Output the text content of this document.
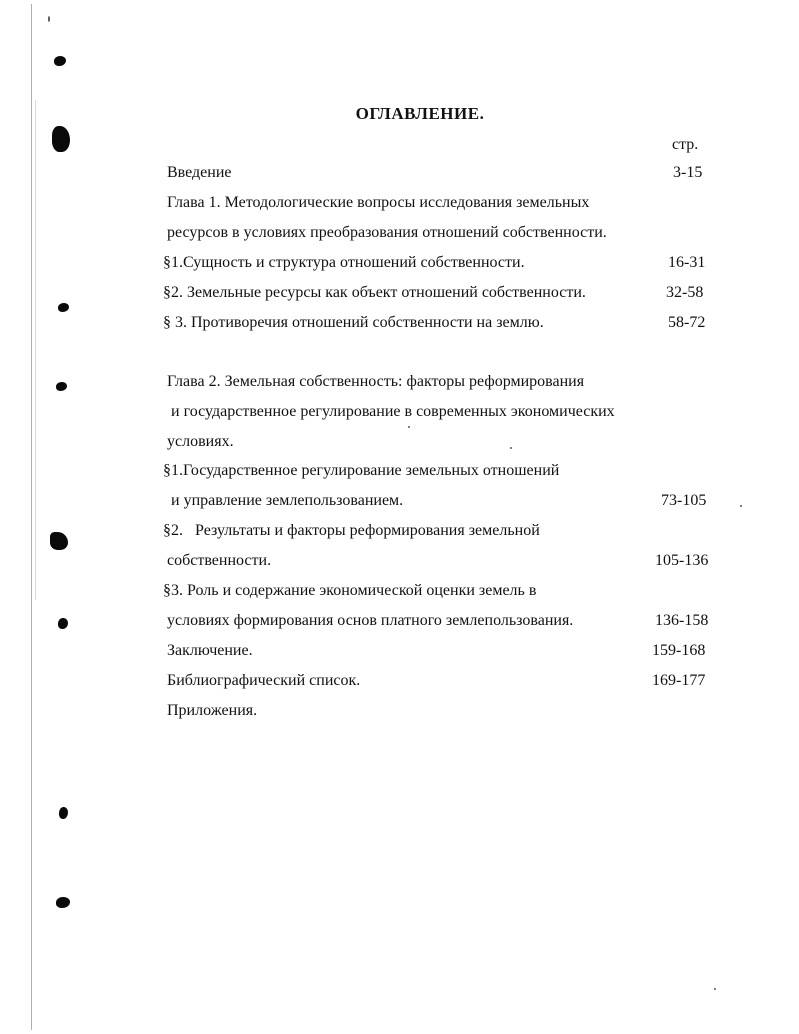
ОГЛАВЛЕНИЕ.
стр.
Введение	3-15
Глава 1. Методологические вопросы исследования земельных
ресурсов в условиях преобразования отношений собственности.
§1.Сущность и структура отношений собственности.	16-31
§2. Земельные ресурсы как объект отношений собственности.	32-58
§ 3. Противоречия отношений собственности на землю.	58-72
Глава 2. Земельная собственность: факторы реформирования
и государственное регулирование в современных экономических
условиях.
§1.Государственное регулирование земельных отношений
и управление землепользованием.	73-105
§2.   Результаты и факторы реформирования земельной
собственности.	105-136
§3. Роль и содержание экономической оценки земель в
условиях формирования основ платного землепользования.	136-158
Заключение.	159-168
Библиографический список.	169-177
Приложения.
